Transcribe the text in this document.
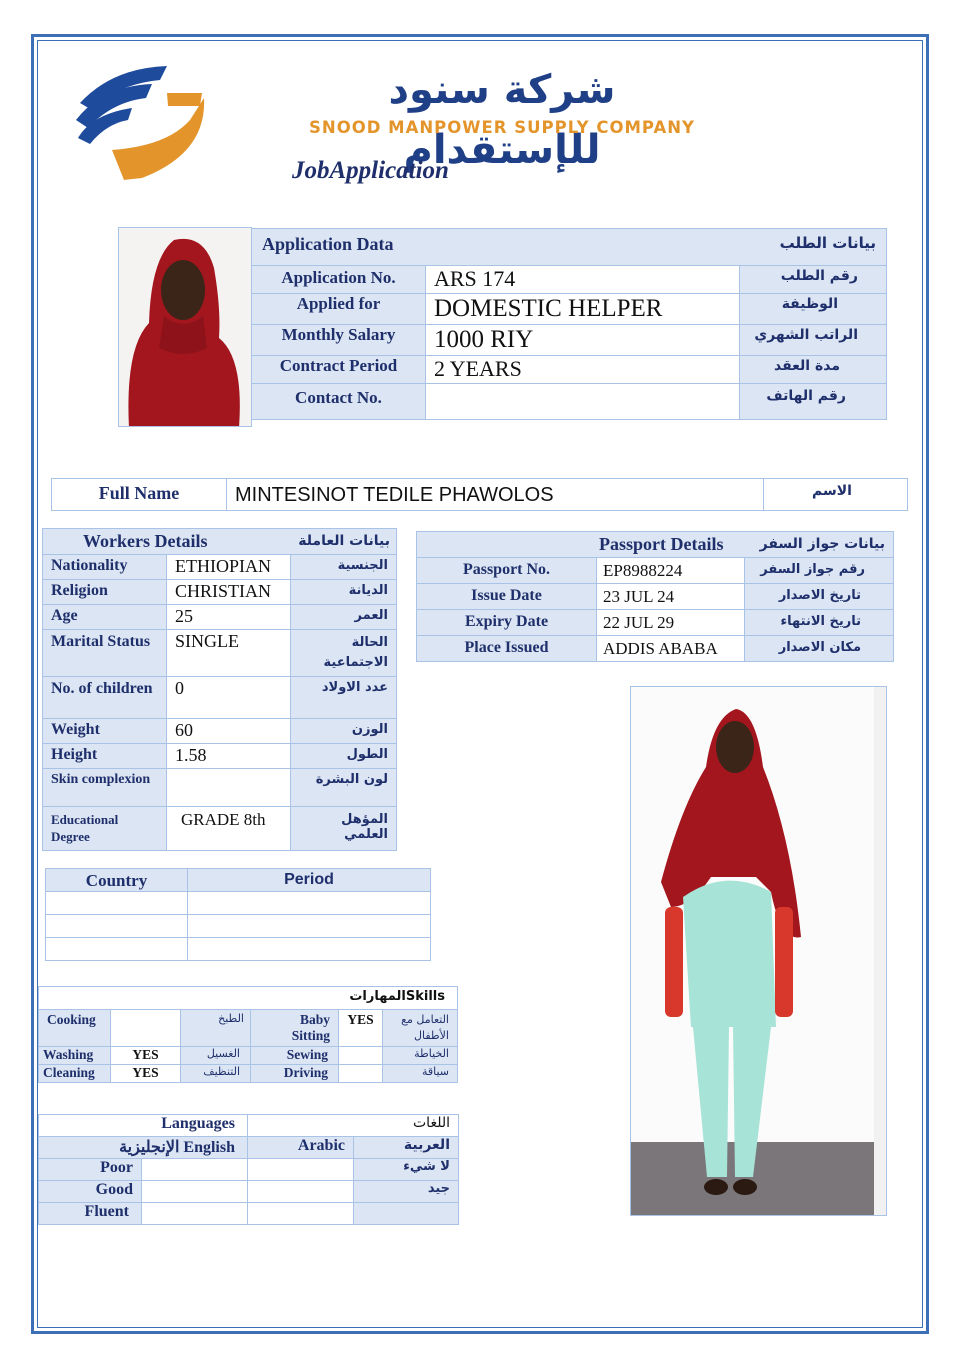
شركة سنود للإستقدام
SNOOD MANPOWER SUPPLY COMPANY
JobApplication
Application Data بيانات الطلب		

Application No.	ARS 174	رقم الطلب
Applied for	DOMESTIC HELPER	الوظيفة
Monthly Salary	1000 RIY	الراتب الشهري
Contract Period	2 YEARS	مدة العقد
Contact No.		رقم الهاتف
Full Name	MINTESINOT TEDILE PHAWOLOS	الاسم
Workers Details بيانات العاملة		

Nationality	ETHIOPIAN	الجنسية
Religion	CHRISTIAN	الديانة
Age	25	العمر
Marital Status	SINGLE	الحالة الاجتماعية
No. of children	0	عدد الاولاد
Weight	60	الوزن
Height	1.58	الطول
Skin complexion		لون البشرة
Educational Degree	GRADE 8th	المؤهل العلمي
Passport Details بيانات جواز السفر		

Passport No.	EP8988224	رقم جواز السفر
Issue Date	23 JUL 24	تاريخ الاصدار
Expiry Date	22 JUL 29	تاريخ الانتهاء
Place Issued	ADDIS ABABA	مكان الاصدار
Country	Period

المهاراتSkills					
Cooking		الطبخ	Baby Sitting	YES	التعامل مع الأطفال
Washing	YES	الغسيل	Sewing		الخياطة
Cleaning	YES	التنظيف	Driving		سياقة
Languages		اللغات	
الإنجليزية English		Arabic	العربية
Poor			لا شيء
Good			جيد
Fluent			
